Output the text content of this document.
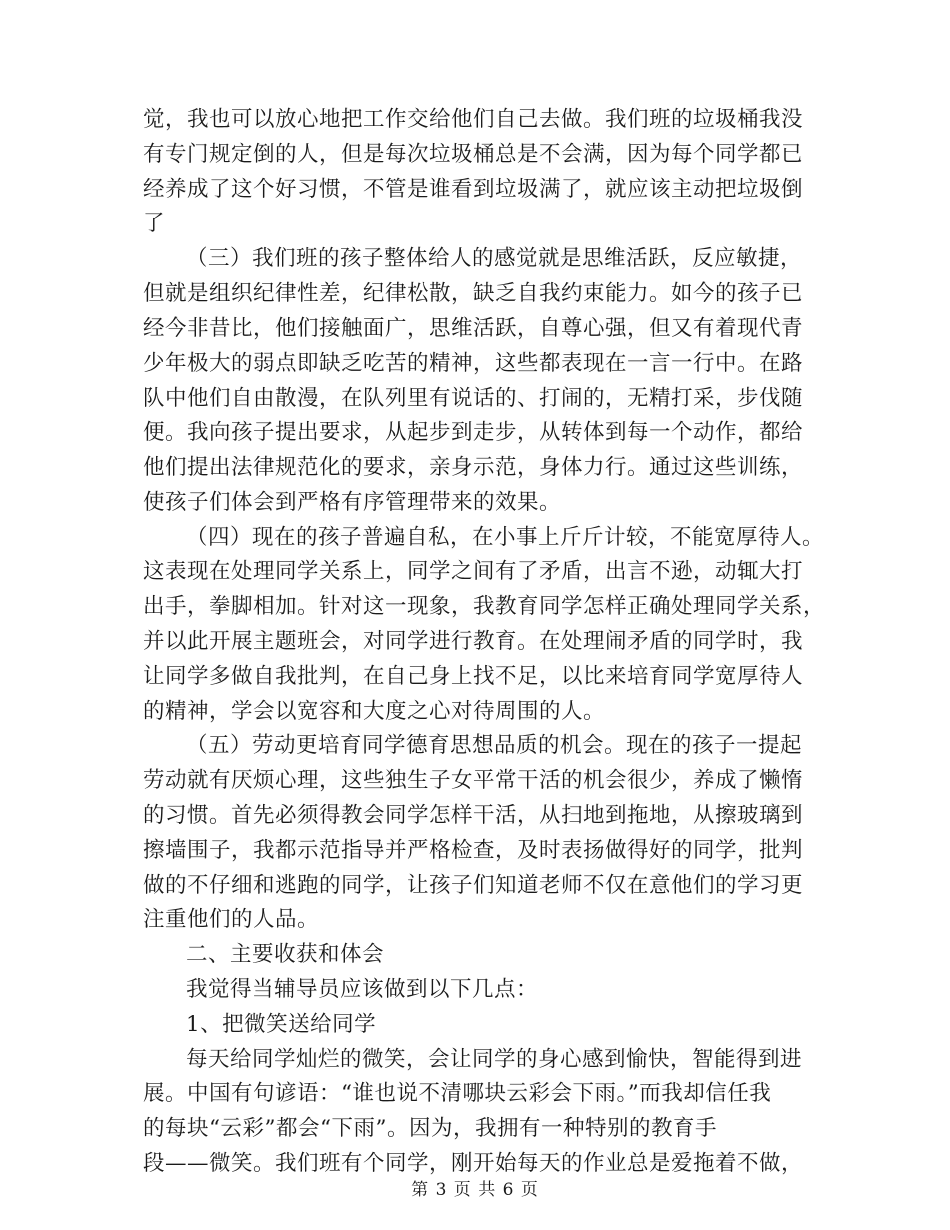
觉，我也可以放心地把工作交给他们自己去做。我们班的垃圾桶我没
有专门规定倒的人，但是每次垃圾桶总是不会满，因为每个同学都已
经养成了这个好习惯，不管是谁看到垃圾满了，就应该主动把垃圾倒
了
（三）我们班的孩子整体给人的感觉就是思维活跃，反应敏捷，
但就是组织纪律性差，纪律松散，缺乏自我约束能力。如今的孩子已
经今非昔比，他们接触面广，思维活跃，自尊心强，但又有着现代青
少年极大的弱点即缺乏吃苦的精神，这些都表现在一言一行中。在路
队中他们自由散漫，在队列里有说话的、打闹的，无精打采，步伐随
便。我向孩子提出要求，从起步到走步，从转体到每一个动作，都给
他们提出法律规范化的要求，亲身示范，身体力行。通过这些训练，
使孩子们体会到严格有序管理带来的效果。
（四）现在的孩子普遍自私，在小事上斤斤计较，不能宽厚待人。
这表现在处理同学关系上，同学之间有了矛盾，出言不逊，动辄大打
出手，拳脚相加。针对这一现象，我教育同学怎样正确处理同学关系，
并以此开展主题班会，对同学进行教育。在处理闹矛盾的同学时，我
让同学多做自我批判，在自己身上找不足，以比来培育同学宽厚待人
的精神，学会以宽容和大度之心对待周围的人。
（五）劳动更培育同学德育思想品质的机会。现在的孩子一提起
劳动就有厌烦心理，这些独生子女平常干活的机会很少，养成了懒惰
的习惯。首先必须得教会同学怎样干活，从扫地到拖地，从擦玻璃到
擦墙围子，我都示范指导并严格检查，及时表扬做得好的同学，批判
做的不仔细和逃跑的同学，让孩子们知道老师不仅在意他们的学习更
注重他们的人品。
二、主要收获和体会
我觉得当辅导员应该做到以下几点：
1、把微笑送给同学
每天给同学灿烂的微笑，会让同学的身心感到愉快，智能得到进
展。中国有句谚语：“谁也说不清哪块云彩会下雨。”而我却信任我
的每块“云彩”都会“下雨”。因为，我拥有一种特别的教育手
段——微笑。我们班有个同学，刚开始每天的作业总是爱拖着不做，
第 3 页 共 6 页
